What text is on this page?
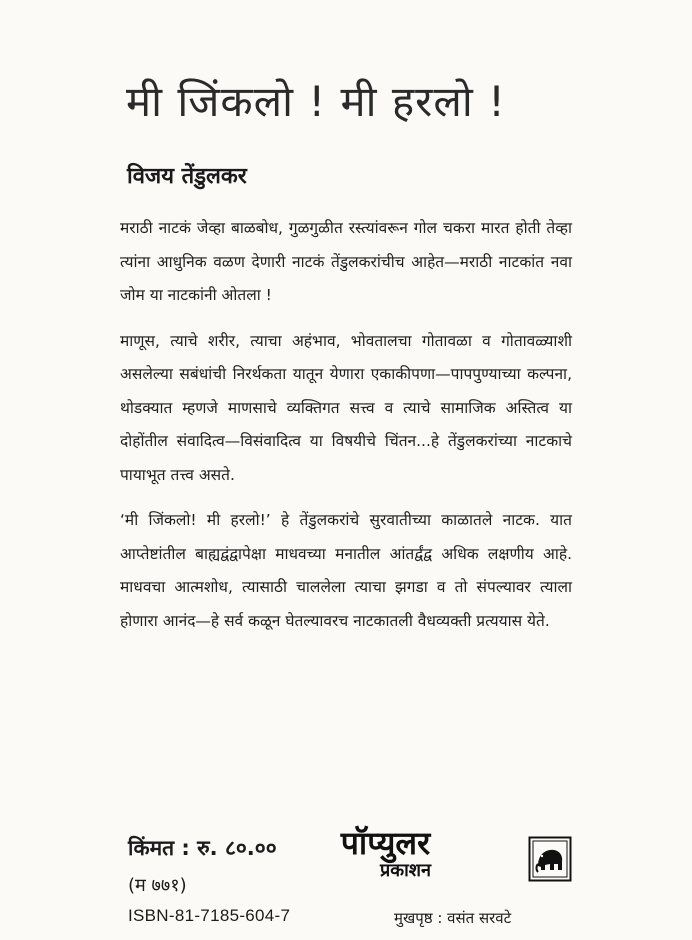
मी जिंकलो ! मी हरलो !
विजय तेंडुलकर

मराठी नाटकं जेव्हा बाळबोध, गुळगुळीत रस्त्यांवरून गोल चकरा मारत होती तेव्हा त्यांना आधुनिक वळण देणारी नाटकं तेंडुलकरांचीच आहेत—मराठी नाटकांत नवा जोम या नाटकांनी ओतला !

माणूस, त्याचे शरीर, त्याचा अहंभाव, भोवतालचा गोतावळा व गोतावळ्याशी असलेल्या सबंधांची निरर्थकता यातून येणारा एकाकीपणा—पापपुण्याच्या कल्पना, थोडक्यात म्हणजे माणसाचे व्यक्तिगत सत्त्व व त्याचे सामाजिक अस्तित्व या दोहोंतील संवादित्व—विसंवादित्व या विषयीचे चिंतन...हे तेंडुलकरांच्या नाटकाचे पायाभूत तत्त्व असते.

‘मी जिंकलो! मी हरलो!’ हे तेंडुलकरांचे सुरवातीच्या काळातले नाटक. यात आप्तेष्टांतील बाह्यद्वंद्वापेक्षा माधवच्या मनातील आंतर्द्वंद्व अधिक लक्षणीय आहे. माधवचा आत्मशोध, त्यासाठी चाललेला त्याचा झगडा व तो संपल्यावर त्याला होणारा आनंद—हे सर्व कळून घेतल्यावरच नाटकातली वैधव्यक्ती प्रत्ययास येते.

किंमत : रु. ८०.००
(म ७७१)
ISBN-81-7185-604-7
पॉप्युलर
प्रकाशन
मुखपृष्ठ : वसंत सरवटे
